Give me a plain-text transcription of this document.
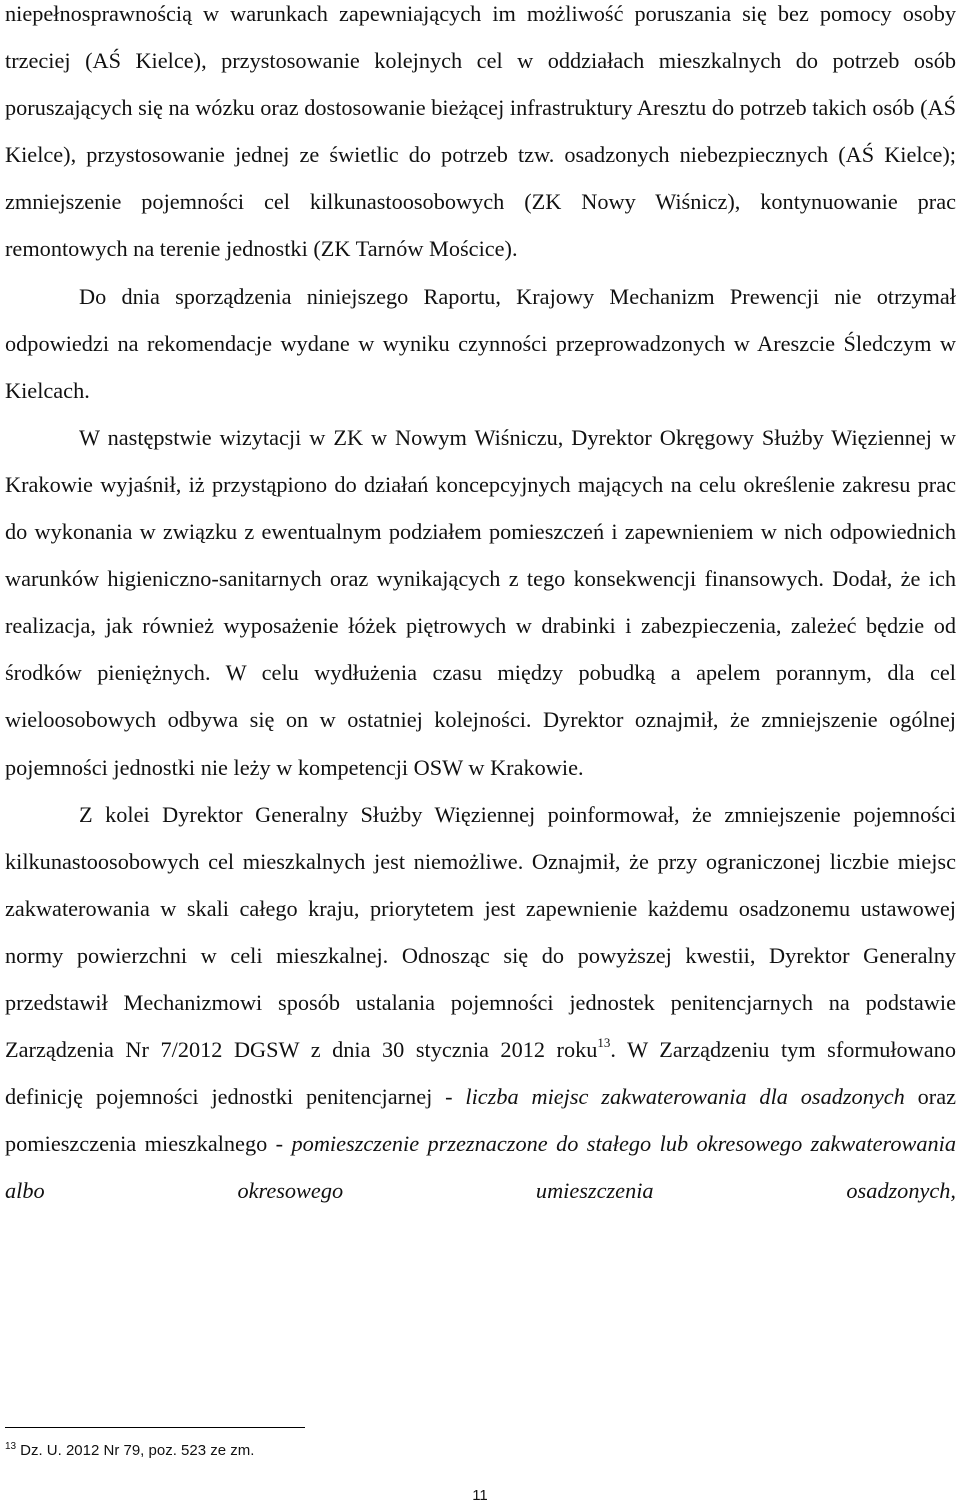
niepełnosprawnością w warunkach zapewniających im możliwość poruszania się bez pomocy osoby trzeciej (AŚ Kielce), przystosowanie kolejnych cel w oddziałach mieszkalnych do potrzeb osób poruszających się na wózku oraz dostosowanie bieżącej infrastruktury Aresztu do potrzeb takich osób (AŚ Kielce), przystosowanie jednej ze świetlic do potrzeb tzw. osadzonych niebezpiecznych (AŚ Kielce); zmniejszenie pojemności cel kilkunastoosobowych (ZK Nowy Wiśnicz), kontynuowanie prac remontowych na terenie jednostki (ZK Tarnów Mościce).

Do dnia sporządzenia niniejszego Raportu, Krajowy Mechanizm Prewencji nie otrzymał odpowiedzi na rekomendacje wydane w wyniku czynności przeprowadzonych w Areszcie Śledczym w Kielcach.

W następstwie wizytacji w ZK w Nowym Wiśniczu, Dyrektor Okręgowy Służby Więziennej w Krakowie wyjaśnił, iż przystąpiono do działań koncepcyjnych mających na celu określenie zakresu prac do wykonania w związku z ewentualnym podziałem pomieszczeń i zapewnieniem w nich odpowiednich warunków higieniczno-sanitarnych oraz wynikających z tego konsekwencji finansowych. Dodał, że ich realizacja, jak również wyposażenie łóżek piętrowych w drabinki i zabezpieczenia, zależeć będzie od środków pieniężnych. W celu wydłużenia czasu między pobudką a apelem porannym, dla cel wieloosobowych odbywa się on w ostatniej kolejności. Dyrektor oznajmił, że zmniejszenie ogólnej pojemności jednostki nie leży w kompetencji OSW w Krakowie.

Z kolei Dyrektor Generalny Służby Więziennej poinformował, że zmniejszenie pojemności kilkunastoosobowych cel mieszkalnych jest niemożliwe. Oznajmił, że przy ograniczonej liczbie miejsc zakwaterowania w skali całego kraju, priorytetem jest zapewnienie każdemu osadzonemu ustawowej normy powierzchni w celi mieszkalnej. Odnosząc się do powyższej kwestii, Dyrektor Generalny przedstawił Mechanizmowi sposób ustalania pojemności jednostek penitencjarnych na podstawie Zarządzenia Nr 7/2012 DGSW z dnia 30 stycznia 2012 roku$^{13}$. W Zarządzeniu tym sformułowano definicję pojemności jednostki penitencjarnej - liczba miejsc zakwaterowania dla osadzonych oraz pomieszczenia mieszkalnego - pomieszczenie przeznaczone do stałego lub okresowego zakwaterowania albo okresowego umieszczenia osadzonych,

$^{13}$ Dz. U. 2012 Nr 79, poz. 523 ze zm.
11
